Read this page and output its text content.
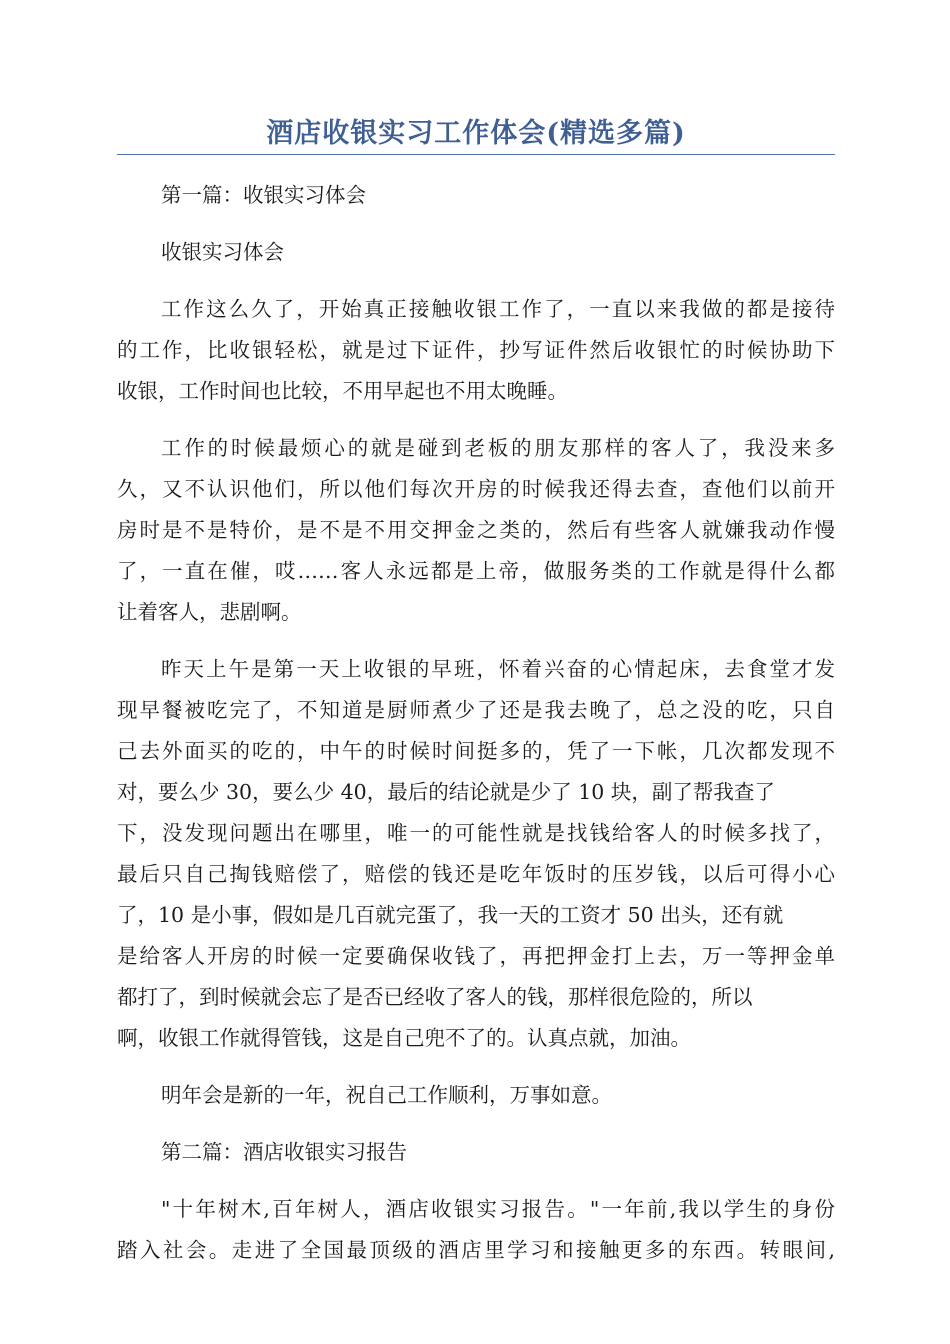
酒店收银实习工作体会(精选多篇)
第一篇：收银实习体会
收银实习体会
工作这么久了，开始真正接触收银工作了，一直以来我做的都是接待
的工作，比收银轻松，就是过下证件，抄写证件然后收银忙的时候协助下
收银，工作时间也比较，不用早起也不用太晚睡。
工作的时候最烦心的就是碰到老板的朋友那样的客人了，我没来多
久，又不认识他们，所以他们每次开房的时候我还得去查，查他们以前开
房时是不是特价，是不是不用交押金之类的，然后有些客人就嫌我动作慢
了，一直在催，哎……客人永远都是上帝，做服务类的工作就是得什么都
让着客人，悲剧啊。
昨天上午是第一天上收银的早班，怀着兴奋的心情起床，去食堂才发
现早餐被吃完了，不知道是厨师煮少了还是我去晚了，总之没的吃，只自
己去外面买的吃的，中午的时候时间挺多的，凭了一下帐，几次都发现不
对，要么少 30，要么少 40，最后的结论就是少了 10 块，副了帮我查了
下，没发现问题出在哪里，唯一的可能性就是找钱给客人的时候多找了，
最后只自己掏钱赔偿了，赔偿的钱还是吃年饭时的压岁钱，以后可得小心
了，10 是小事，假如是几百就完蛋了，我一天的工资才 50 出头，还有就
是给客人开房的时候一定要确保收钱了，再把押金打上去，万一等押金单
都打了，到时候就会忘了是否已经收了客人的钱，那样很危险的，所以
啊，收银工作就得管钱，这是自己兜不了的。认真点就，加油。
明年会是新的一年，祝自己工作顺利，万事如意。
第二篇：酒店收银实习报告
"十年树木,百年树人，酒店收银实习报告。"一年前,我以学生的身份
踏入社会。走进了全国最顶级的酒店里学习和接触更多的东西。转眼间,
